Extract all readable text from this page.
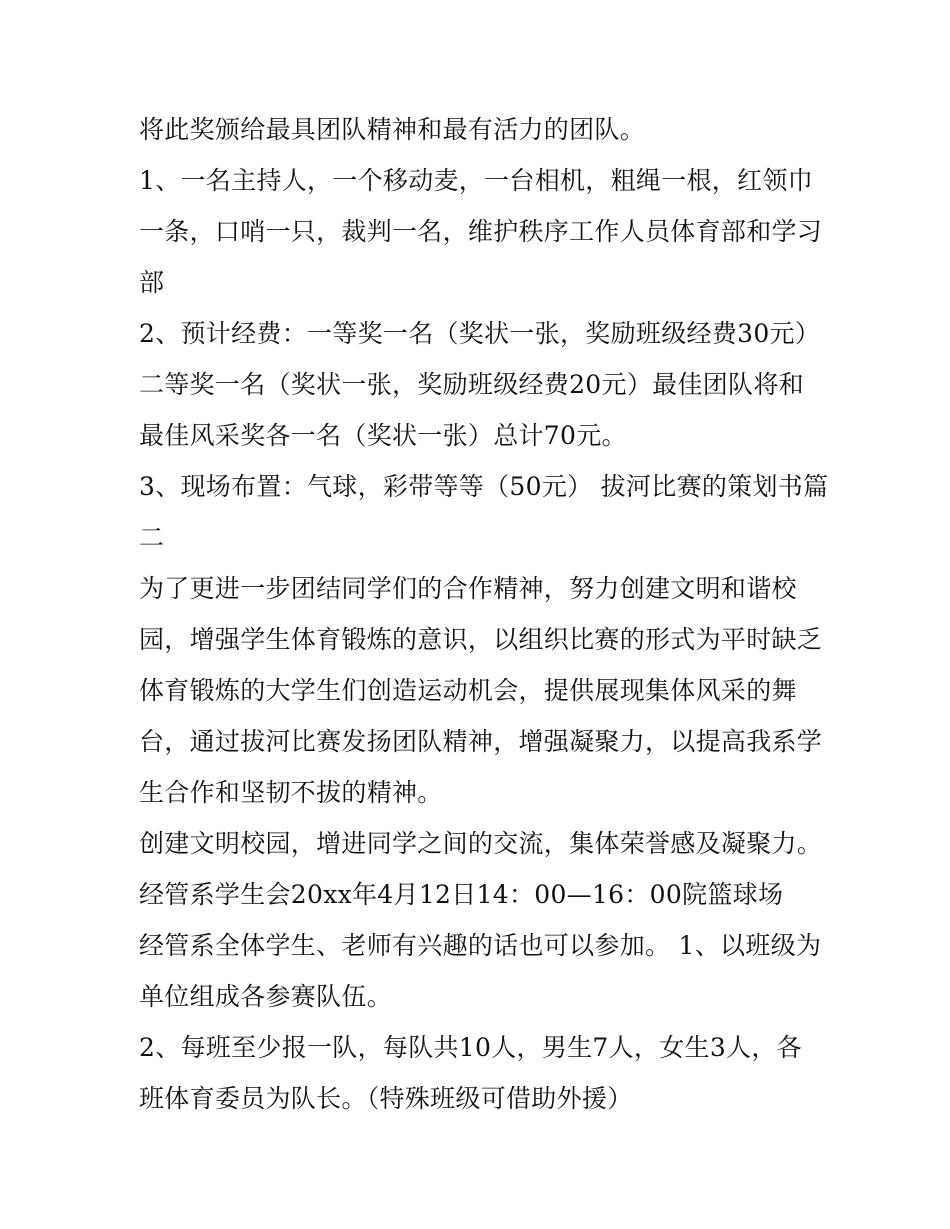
将此奖颁给最具团队精神和最有活力的团队。
1、一名主持人，一个移动麦，一台相机，粗绳一根，红领巾
一条，口哨一只，裁判一名，维护秩序工作人员体育部和学习
部
2、预计经费：一等奖一名（奖状一张，奖励班级经费30元）
二等奖一名（奖状一张，奖励班级经费20元）最佳团队将和
最佳风采奖各一名（奖状一张）总计70元。
3、现场布置：气球，彩带等等（50元） 拔河比赛的策划书篇
二
为了更进一步团结同学们的合作精神，努力创建文明和谐校
园，增强学生体育锻炼的意识，以组织比赛的形式为平时缺乏
体育锻炼的大学生们创造运动机会，提供展现集体风采的舞
台，通过拔河比赛发扬团队精神，增强凝聚力，以提高我系学
生合作和坚韧不拔的精神。
创建文明校园，增进同学之间的交流，集体荣誉感及凝聚力。
经管系学生会20xx年4月12日14：00—16：00院篮球场
经管系全体学生、老师有兴趣的话也可以参加。 1、以班级为
单位组成各参赛队伍。
2、每班至少报一队，每队共10人，男生7人，女生3人，各
班体育委员为队长。（特殊班级可借助外援）
